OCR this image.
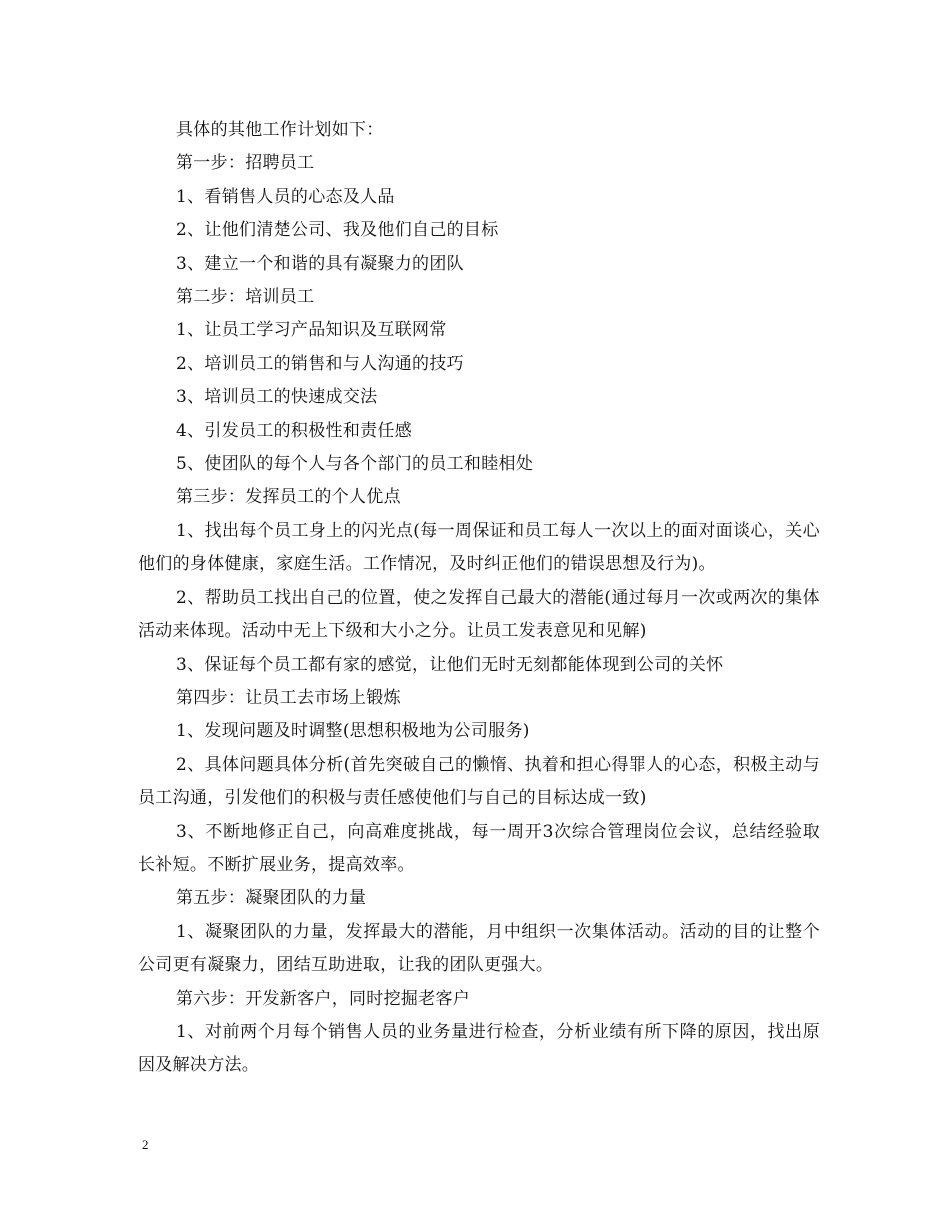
具体的其他工作计划如下：

第一步：招聘员工

1、看销售人员的心态及人品

2、让他们清楚公司、我及他们自己的目标

3、建立一个和谐的具有凝聚力的团队

第二步：培训员工

1、让员工学习产品知识及互联网常

2、培训员工的销售和与人沟通的技巧

3、培训员工的快速成交法

4、引发员工的积极性和责任感

5、使团队的每个人与各个部门的员工和睦相处

第三步：发挥员工的个人优点

1、找出每个员工身上的闪光点(每一周保证和员工每人一次以上的面对面谈心，关心他们的身体健康，家庭生活。工作情况，及时纠正他们的错误思想及行为)。

2、帮助员工找出自己的位置，使之发挥自己最大的潜能(通过每月一次或两次的集体活动来体现。活动中无上下级和大小之分。让员工发表意见和见解)

3、保证每个员工都有家的感觉，让他们无时无刻都能体现到公司的关怀

第四步：让员工去市场上锻炼

1、发现问题及时调整(思想积极地为公司服务)

2、具体问题具体分析(首先突破自己的懒惰、执着和担心得罪人的心态，积极主动与员工沟通，引发他们的积极与责任感使他们与自己的目标达成一致)

3、不断地修正自己，向高难度挑战，每一周开3次综合管理岗位会议，总结经验取长补短。不断扩展业务，提高效率。

第五步：凝聚团队的力量

1、凝聚团队的力量，发挥最大的潜能，月中组织一次集体活动。活动的目的让整个公司更有凝聚力，团结互助进取，让我的团队更强大。

第六步：开发新客户，同时挖掘老客户

1、对前两个月每个销售人员的业务量进行检查，分析业绩有所下降的原因，找出原因及解决方法。

2
